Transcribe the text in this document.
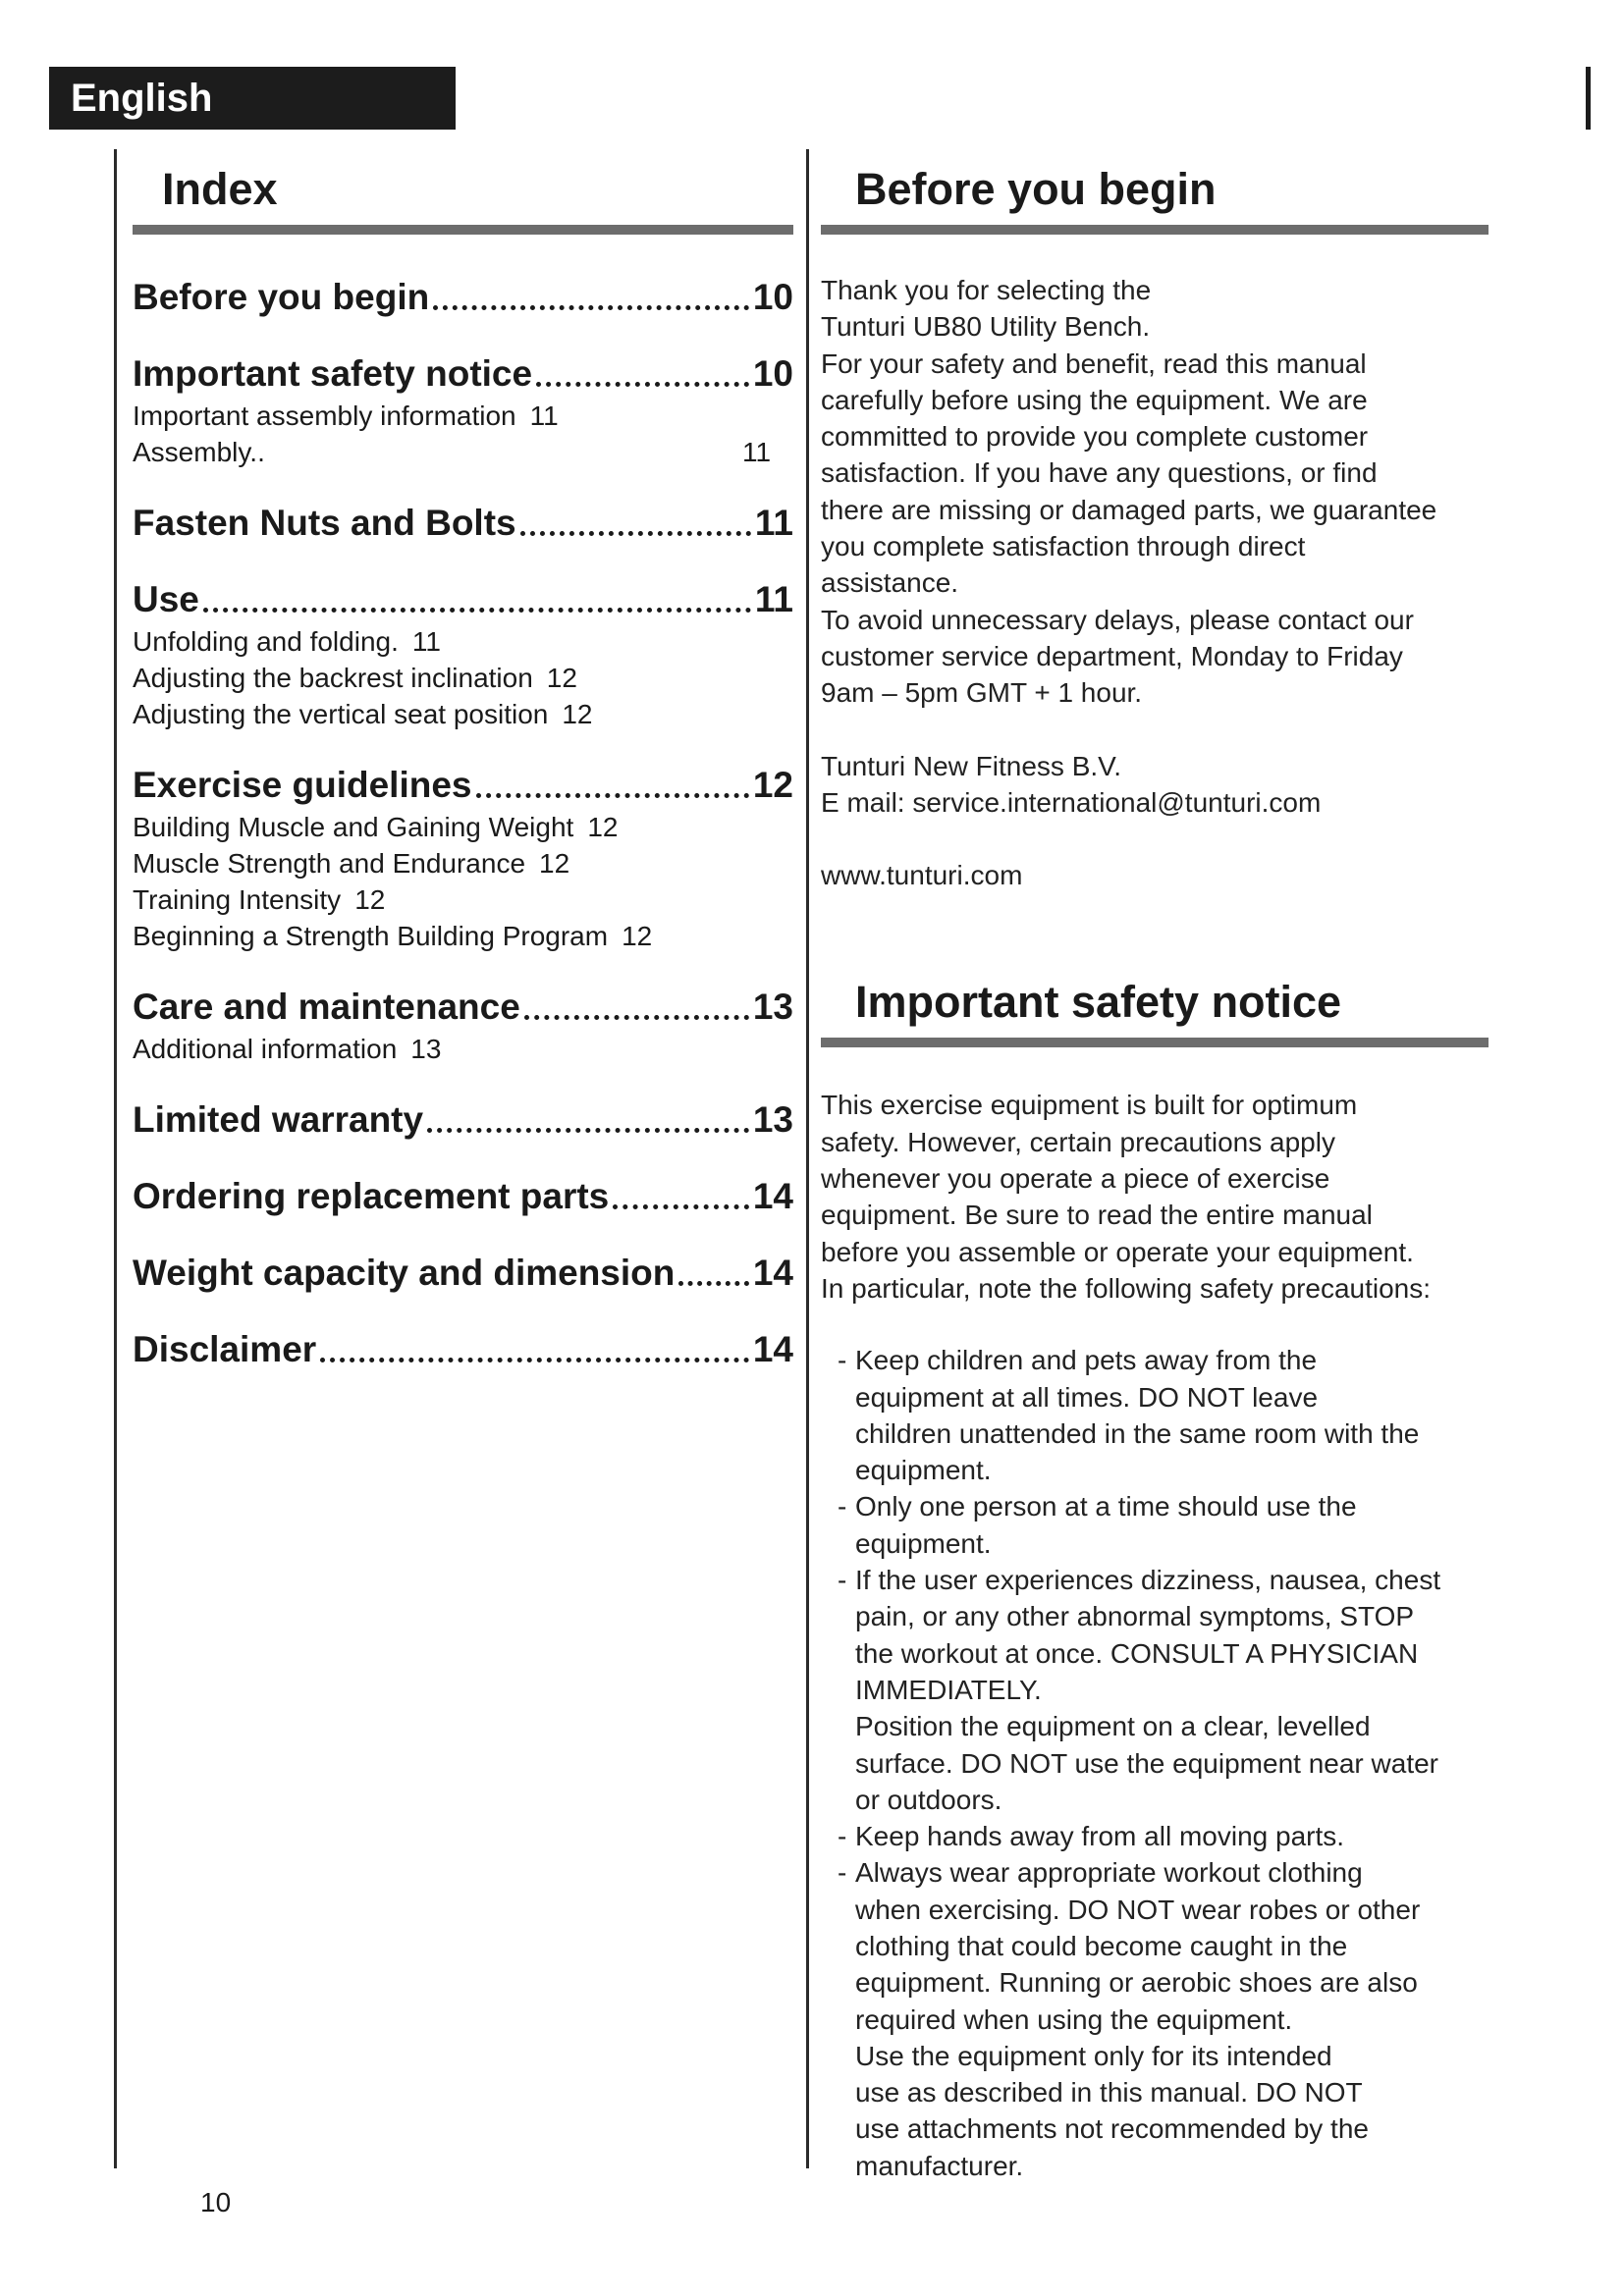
English
Index
Before you begin	10
Important safety notice	10
Important assembly information 11
Assembly..	11
Fasten Nuts and Bolts	11
Use	11
Unfolding and folding. 11
Adjusting the backrest inclination 12
Adjusting the vertical seat position 12
Exercise guidelines	12
Building Muscle and Gaining Weight 12
Muscle Strength and Endurance 12
Training Intensity 12
Beginning a Strength Building Program 12
Care and maintenance	13
Additional information 13
Limited warranty	13
Ordering replacement parts	14
Weight capacity and dimension 14
Disclaimer	14
Before you begin
Thank you for selecting the
Tunturi UB80 Utility Bench.
For your safety and benefit, read this manual
carefully before using the equipment. We are
committed to provide you complete customer
satisfaction. If you have any questions, or find
there are missing or damaged parts, we guarantee
you complete satisfaction through direct
assistance.
To avoid unnecessary delays, please contact our
customer service department, Monday to Friday
9am – 5pm GMT + 1 hour.
Tunturi New Fitness B.V.
E mail: service.international@tunturi.com
www.tunturi.com
Important safety notice
This exercise equipment is built for optimum
safety. However, certain precautions apply
whenever you operate a piece of exercise
equipment. Be sure to read the entire manual
before you assemble or operate your equipment.
In particular, note the following safety precautions:
- Keep children and pets away from the
equipment at all times. DO NOT leave
children unattended in the same room with the
equipment.
- Only one person at a time should use the
equipment.
- If the user experiences dizziness, nausea, chest
pain, or any other abnormal symptoms, STOP
the workout at once. CONSULT A PHYSICIAN
IMMEDIATELY.
Position the equipment on a clear, levelled
surface. DO NOT use the equipment near water
or outdoors.
- Keep hands away from all moving parts.
- Always wear appropriate workout clothing
when exercising. DO NOT wear robes or other
clothing that could become caught in the
equipment. Running or aerobic shoes are also
required when using the equipment.
Use the equipment only for its intended
use as described in this manual. DO NOT
use attachments not recommended by the
manufacturer.
10
